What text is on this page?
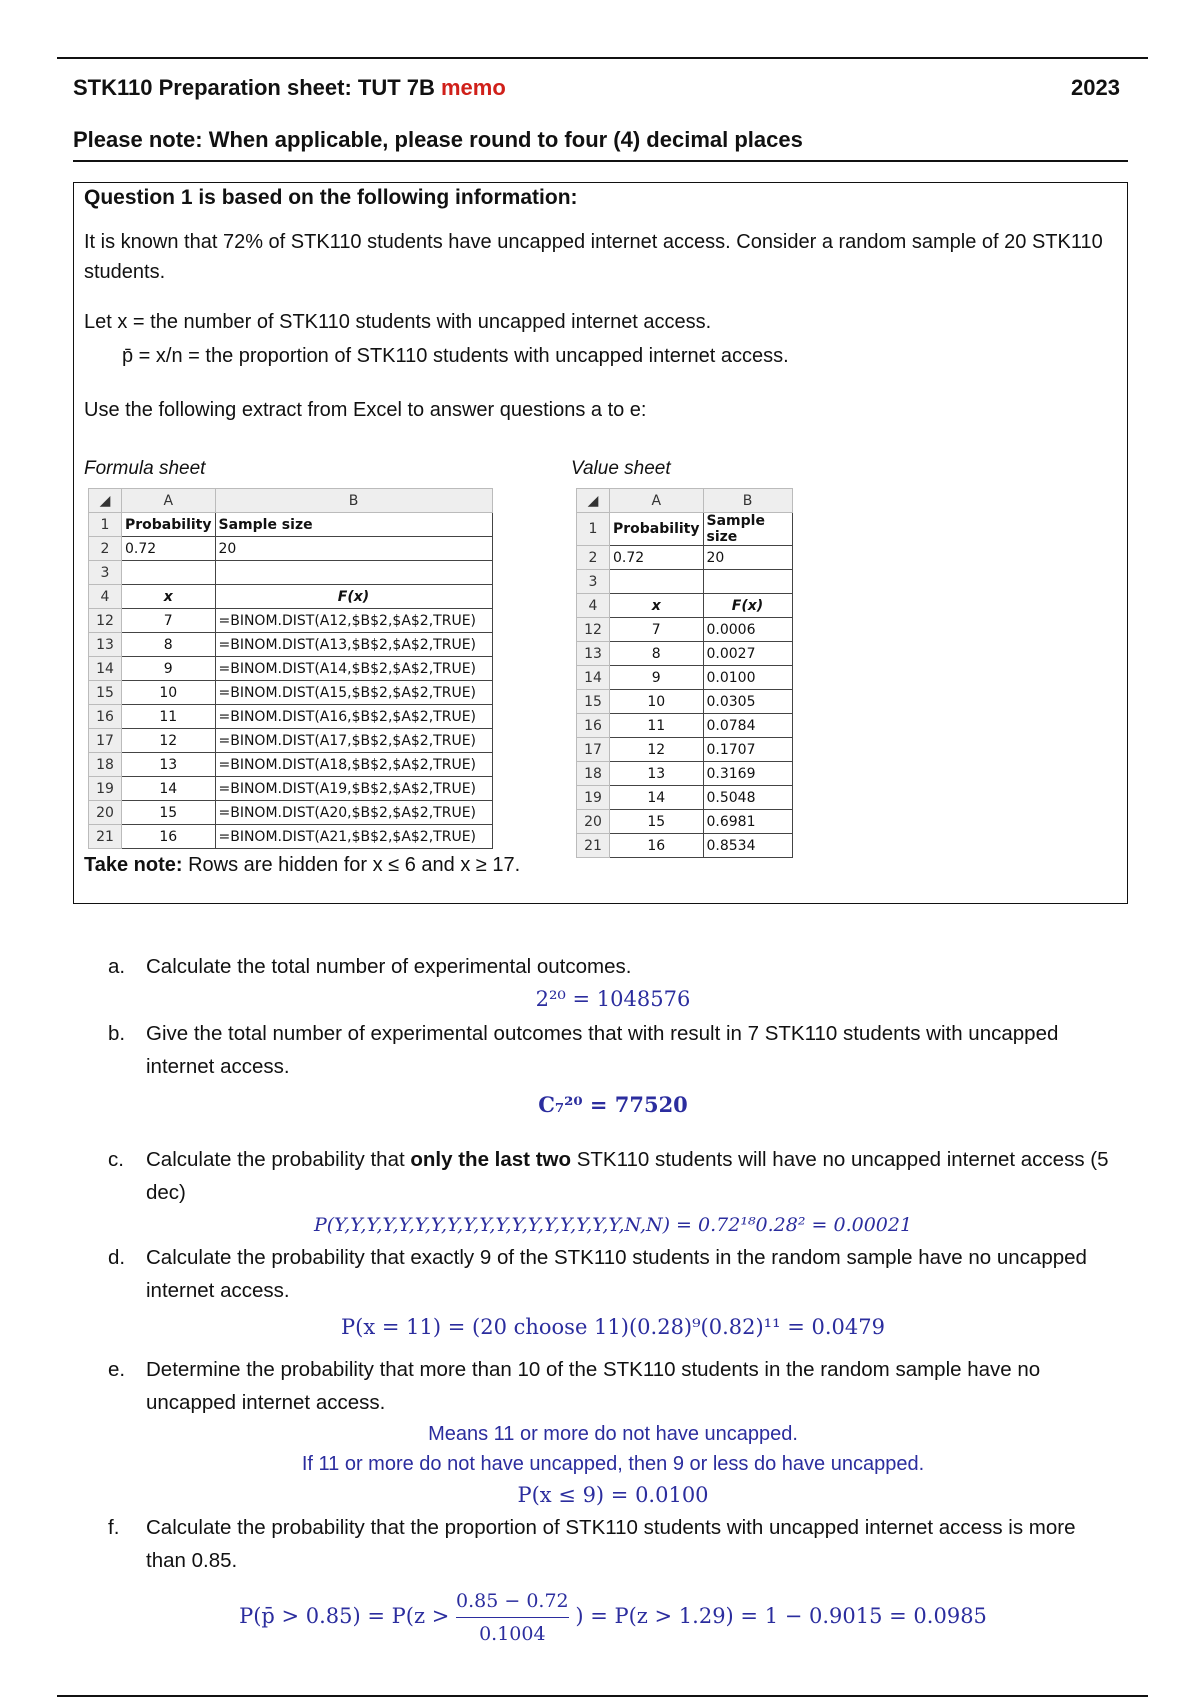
STK110 Preparation sheet: TUT 7B memo	2023
Please note: When applicable, please round to four (4) decimal places

Question 1 is based on the following information:

It is known that 72% of STK110 students have uncapped internet access. Consider a random sample of 20 STK110 students.

Let x = the number of STK110 students with uncapped internet access.

p̄ = x/n = the proportion of STK110 students with uncapped internet access.

Use the following extract from Excel to answer questions a to e:

Formula sheet	Value sheet
◢	A	B
1	Probability	Sample size
2	0.72	20
3		
4	x	F(x)
12	7	=BINOM.DIST(A12,$B$2,$A$2,TRUE)
13	8	=BINOM.DIST(A13,$B$2,$A$2,TRUE)
14	9	=BINOM.DIST(A14,$B$2,$A$2,TRUE)
15	10	=BINOM.DIST(A15,$B$2,$A$2,TRUE)
16	11	=BINOM.DIST(A16,$B$2,$A$2,TRUE)
17	12	=BINOM.DIST(A17,$B$2,$A$2,TRUE)
18	13	=BINOM.DIST(A18,$B$2,$A$2,TRUE)
19	14	=BINOM.DIST(A19,$B$2,$A$2,TRUE)
20	15	=BINOM.DIST(A20,$B$2,$A$2,TRUE)
21	16	=BINOM.DIST(A21,$B$2,$A$2,TRUE)
◢	A	B
1	Probability	Sample size
2	0.72	20
3		
4	x	F(x)
12	7	0.0006
13	8	0.0027
14	9	0.0100
15	10	0.0305
16	11	0.0784
17	12	0.1707
18	13	0.3169
19	14	0.5048
20	15	0.6981
21	16	0.8534

Take note: Rows are hidden for x ≤ 6 and x ≥ 17.

a.	Calculate the total number of experimental outcomes.
2²⁰ = 1048576
b.	Give the total number of experimental outcomes that with result in 7 STK110 students with uncapped internet access.
C₇²⁰ = 77520
c.	Calculate the probability that only the last two STK110 students will have no uncapped internet access (5 dec)
P(Y,Y,Y,Y,Y,Y,Y,Y,Y,Y,Y,Y,Y,Y,Y,Y,Y,Y,N,N) = 0.72¹⁸0.28² = 0.00021
d.	Calculate the probability that exactly 9 of the STK110 students in the random sample have no uncapped internet access.
P(x = 11) = (20 choose 11)(0.28)⁹(0.82)¹¹ = 0.0479
e.	Determine the probability that more than 10 of the STK110 students in the random sample have no uncapped internet access.
Means 11 or more do not have uncapped.
If 11 or more do not have uncapped, then 9 or less do have uncapped.
P(x ≤ 9) = 0.0100
f.	Calculate the probability that the proportion of STK110 students with uncapped internet access is more than 0.85.
P(p̄ > $0.85) = P(z > \frac{0.85 - 0.72}{0.1004}$ ) = P(z > 1.29) = 1 − 0.9015 = 0.0985
